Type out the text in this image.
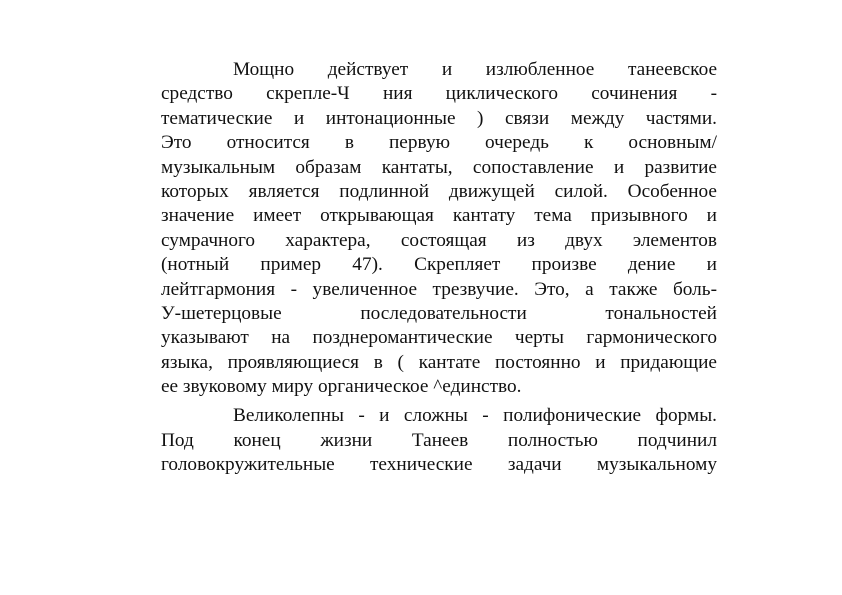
Мощно действует и излюбленное танеевское
средство скрепле-Ч ния циклического сочинения -
тематические и интонационные ) связи между частями.
Это относится в первую очередь к основным/
музыкальным образам кантаты, сопоставление и развитие
которых является подлинной движущей силой. Особенное
значение имеет открывающая кантату тема призывного и
сумрачного характера, состоящая из двух элементов
(нотный пример 47). Скрепляет произве дение и
лейтгармония - увеличенное трезвучие. Это, а также боль-
У-шетерцовые последовательности тональностей
указывают на позднеромантические черты гармонического
языка, проявляющиеся в ( кантате постоянно и придающие
ее звуковому миру органическое ^единство.

Великолепны - и сложны - полифонические формы.
Под конец жизни Танеев полностью подчинил
головокружительные технические задачи музыкальному
